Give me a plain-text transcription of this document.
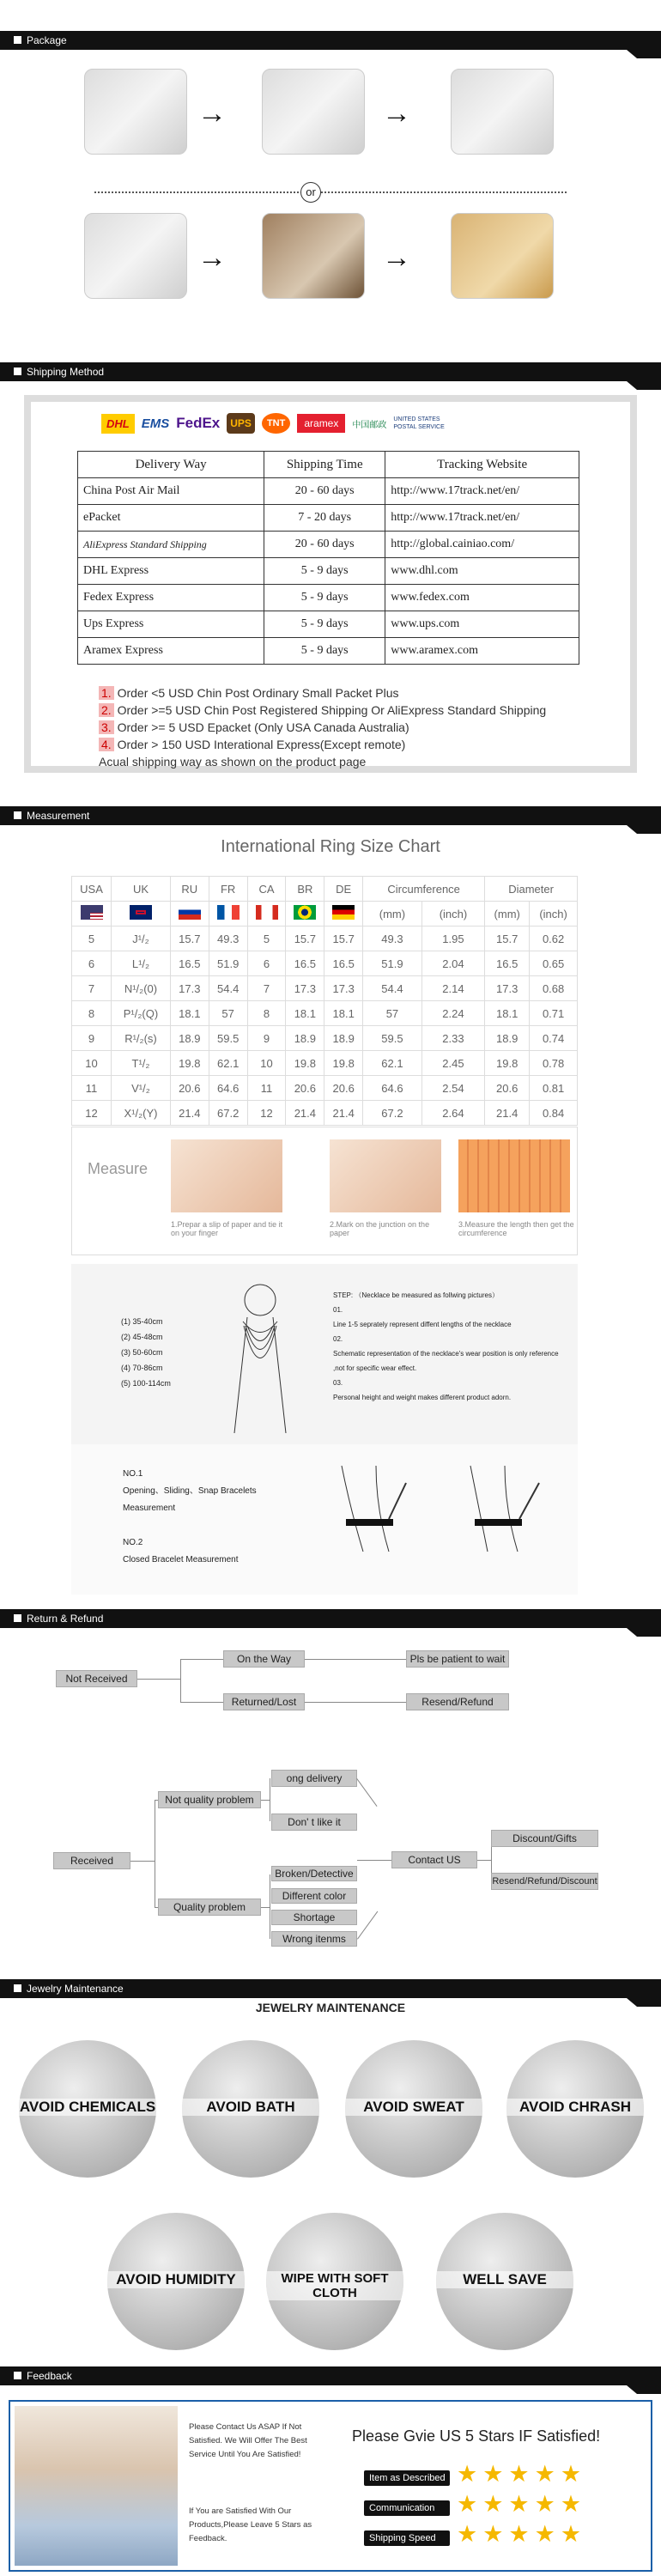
Package
→	→
or
→	→
Shipping Method
DHL EMS FedEx	UPS	TNT	aramex	中国邮政
UNITED STATES POSTAL SERVICE
Delivery Way	Shipping Time	Tracking Website
China Post Air Mail	20 - 60 days	http://www.17track.net/en/
ePacket	7 - 20 days	http://www.17track.net/en/
AliExpress Standard Shipping	20 - 60 days	http://global.cainiao.com/
DHL Express	5 - 9 days	www.dhl.com
Fedex Express	5 - 9 days	www.fedex.com
Ups Express	5 - 9 days	www.ups.com
Aramex Express	5 - 9 days	www.aramex.com
1. Order <5 USD Chin Post Ordinary Small Packet Plus
2. Order >=5 USD Chin Post Registered Shipping Or AliExpress Standard Shipping
3. Order >= 5 USD Epacket (Only USA Canada Australia)
4. Order > 150 USD Interational Express(Except remote)
Acual shipping way as shown on the product page
Measurement
International Ring Size Chart
USA	UK	RU	FR	CA	BR	DE	Circumference		Diameter	
							(mm)	(inch)	(mm)	(inch)
5	J¹/₂	15.7	49.3	5	15.7	15.7	49.3	1.95	15.7	0.62
6	L¹/₂	16.5	51.9	6	16.5	16.5	51.9	2.04	16.5	0.65
7	N¹/₂(0)	17.3	54.4	7	17.3	17.3	54.4	2.14	17.3	0.68
8	P¹/₂(Q)	18.1	57	8	18.1	18.1	57	2.24	18.1	0.71
9	R¹/₂(s)	18.9	59.5	9	18.9	18.9	59.5	2.33	18.9	0.74
10	T¹/₂	19.8	62.1	10	19.8	19.8	62.1	2.45	19.8	0.78
11	V¹/₂	20.6	64.6	11	20.6	20.6	64.6	2.54	20.6	0.81
12	X¹/₂(Y)	21.4	67.2	12	21.4	21.4	67.2	2.64	21.4	0.84
Measure
1.Prepar a slip of paper and tie it on your finger
2.Mark on the junction on the paper
3.Measure the length then get the circumference
(1) 35-40cm
(2) 45-48cm
(3) 50-60cm
(4) 70-86cm
(5) 100-114cm
STEP: （Necklace be measured as follwing pictures）
01.
Line 1-5 seprately represent diffent lengths of the necklace
02.
Schematic representation of the necklace's wear position is only reference ,not for specific wear effect.
03.
Personal height and weight makes different product adorn.
NO.1
Opening、Sliding、Snap Bracelets Measurement
NO.2
Closed Bracelet Measurement
Return & Refund
Not Received
On the Way
Returned/Lost
Pls be patient to wait
Resend/Refund
Received
Not quality problem
Quality problem
ong delivery
Don' t like it
Broken/Detective
Different color
Shortage
Wrong itenms
Contact US
Discount/Gifts
Resend/Refund/Discount
Jewelry Maintenance
JEWELRY MAINTENANCE
AVOID CHEMICALS	AVOID BATH	AVOID SWEAT	AVOID CHRASH
AVOID HUMIDITY	WIPE WITH SOFT CLOTH
WELL SAVE
Feedback
Please Contact Us ASAP If Not Satisfied. We Will Offer The Best Service Until You Are Satisfied!
If You are Satisfied With Our Products,Please Leave 5 Stars as Feedback.
Please Gvie US 5 Stars IF Satisfied!
Item as Described ★★★★★
Communication ★★★★★
Shipping Speed ★★★★★
